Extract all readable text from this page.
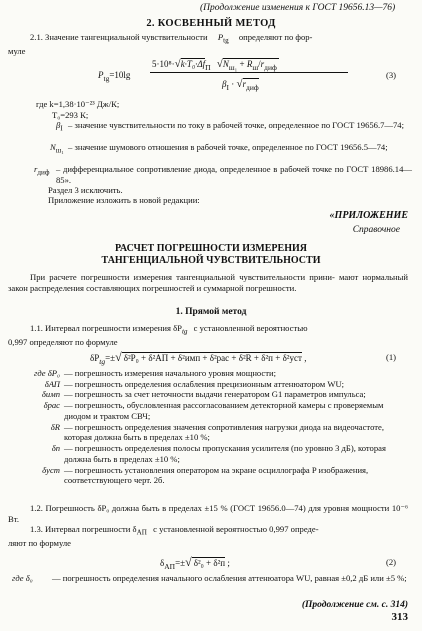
(Продолжение изменения к ГОСТ 19656.13—76)
2. КОСВЕННЫЙ МЕТОД
2.1. Значение тангенциальной чувствительности $P_{tg}$ определяют по фор-
муле
$P_{tg}=10\lg$
$5\cdot 10^8\cdot√k\cdot T_0\cdot\Delta f_П$ $√N_{ш_1} + R_ш/r_{диф}$
$\beta_I \cdot √r_{диф}$
(3)
где k=1,38·10⁻²³ Дж/К;
T₀=293 К;
$\beta_I$ – значение чувствительности по току в рабочей точке, определенное по ГОСТ 19656.7—74;
$N_{ш_1}$ – значение шумового отношения в рабочей точке, определенное по ГОСТ 19656.5—74;
$r_{диф}$ – дифференциальное сопротивление диода, определенное в рабочей точке по ГОСТ 18986.14—85».
Раздел 3 исключить.
Приложение изложить в новой редакции:
«ПРИЛОЖЕНИЕ
Справочное
РАСЧЕТ ПОГРЕШНОСТИ ИЗМЕРЕНИЯ
ТАНГЕНЦИАЛЬНОЙ ЧУВСТВИТЕЛЬНОСТИ
При расчете погрешности измерения тангенциальной чувствительности прини- мают нормальный закон распределения составляющих погрешностей и суммарной погрешности.
1. Прямой метод
1.1. Интервал погрешности измерения $\delta P_{tg}$ с установленной вероятностью
0,997 определяют по формуле
$\delta P_{tg}=\pm√$ δ²P₀ + δ²АП + δ²имп + δ²рас + δ²R + δ²п + δ²уст ,	(1)
где δP₀ — погрешность измерения начального уровня мощности;
δАП — погрешность определения ослабления прецизионным аттенюатором WU;
δимп — погрешность за счет неточности выдачи генератором G1 параметров импульса;
δрас — погрешность, обусловленная рассогласованием детекторной камеры с проверяемым диодом и трактом СВЧ;
δR — погрешность определения значения сопротивления нагрузки диода на видеочастоте, которая должна быть в пределах ±10 %;
δп — погрешность определения полосы пропускания усилителя (по уровню 3 дБ), которая должна быть в пределах ±10 %;
δуст — погрешность установления оператором на экране осциллографа P изображения, соответствующего черт. 2б.
1.2. Погрешность δP₀ должна быть в пределах ±15 % (ГОСТ 19656.0—74) для уровня мощности 10⁻⁶ Вт.
1.3. Интервал погрешности $\delta_{АП}$ с установленной вероятностью 0,997 опреде-
ляют по формуле
$\delta_{АП}=\pm√$ δ²₀ + δ²п ;	(2)
где δ₀	— погрешность определения начального ослабления аттенюатора WU, равная ±0,2 дБ или ±5 %;
(Продолжение см. с. 314)
313
